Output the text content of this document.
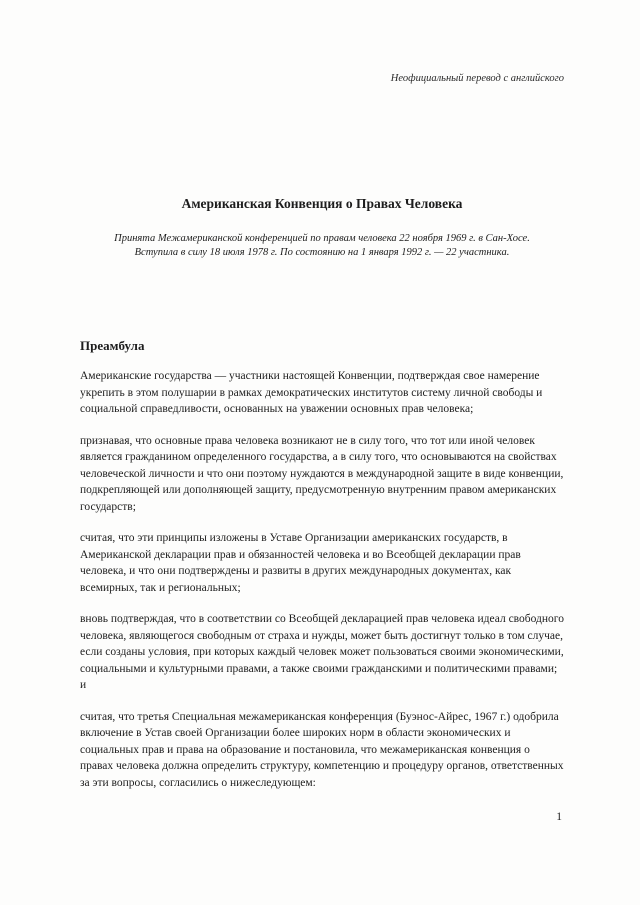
Неофициальный перевод с английского
Американская Конвенция о Правах Человека

Принята Межамериканской конференцией по правам человека 22 ноября 1969 г. в Сан-Хосе. Вступила в силу 18 июля 1978 г. По состоянию на 1 января 1992 г. — 22 участника.

Преамбула

Американские государства — участники настоящей Конвенции, подтверждая свое намерение укрепить в этом полушарии в рамках демократических институтов систему личной свободы и социальной справедливости, основанных на уважении основных прав человека;

признавая, что основные права человека возникают не в силу того, что тот или иной человек является гражданином определенного государства, а в силу того, что основываются на свойствах человеческой личности и что они поэтому нуждаются в международной защите в виде конвенции, подкрепляющей или дополняющей защиту, предусмотренную внутренним правом американских государств;

считая, что эти принципы изложены в Уставе Организации американских государств, в Американской декларации прав и обязанностей человека и во Всеобщей декларации прав человека, и что они подтверждены и развиты в других международных документах, как всемирных, так и региональных;

вновь подтверждая, что в соответствии со Всеобщей декларацией прав человека идеал свободного человека, являющегося свободным от страха и нужды, может быть достигнут только в том случае, если созданы условия, при которых каждый человек может пользоваться своими экономическими, социальными и культурными правами, а также своими гражданскими и политическими правами; и

считая, что третья Специальная межамериканская конференция (Буэнос-Айрес, 1967 г.) одобрила включение в Устав своей Организации более широких норм в области экономических и социальных прав и права на образование и постановила, что межамериканская конвенция о правах человека должна определить структуру, компетенцию и процедуру органов, ответственных за эти вопросы, согласились о нижеследующем:

1
